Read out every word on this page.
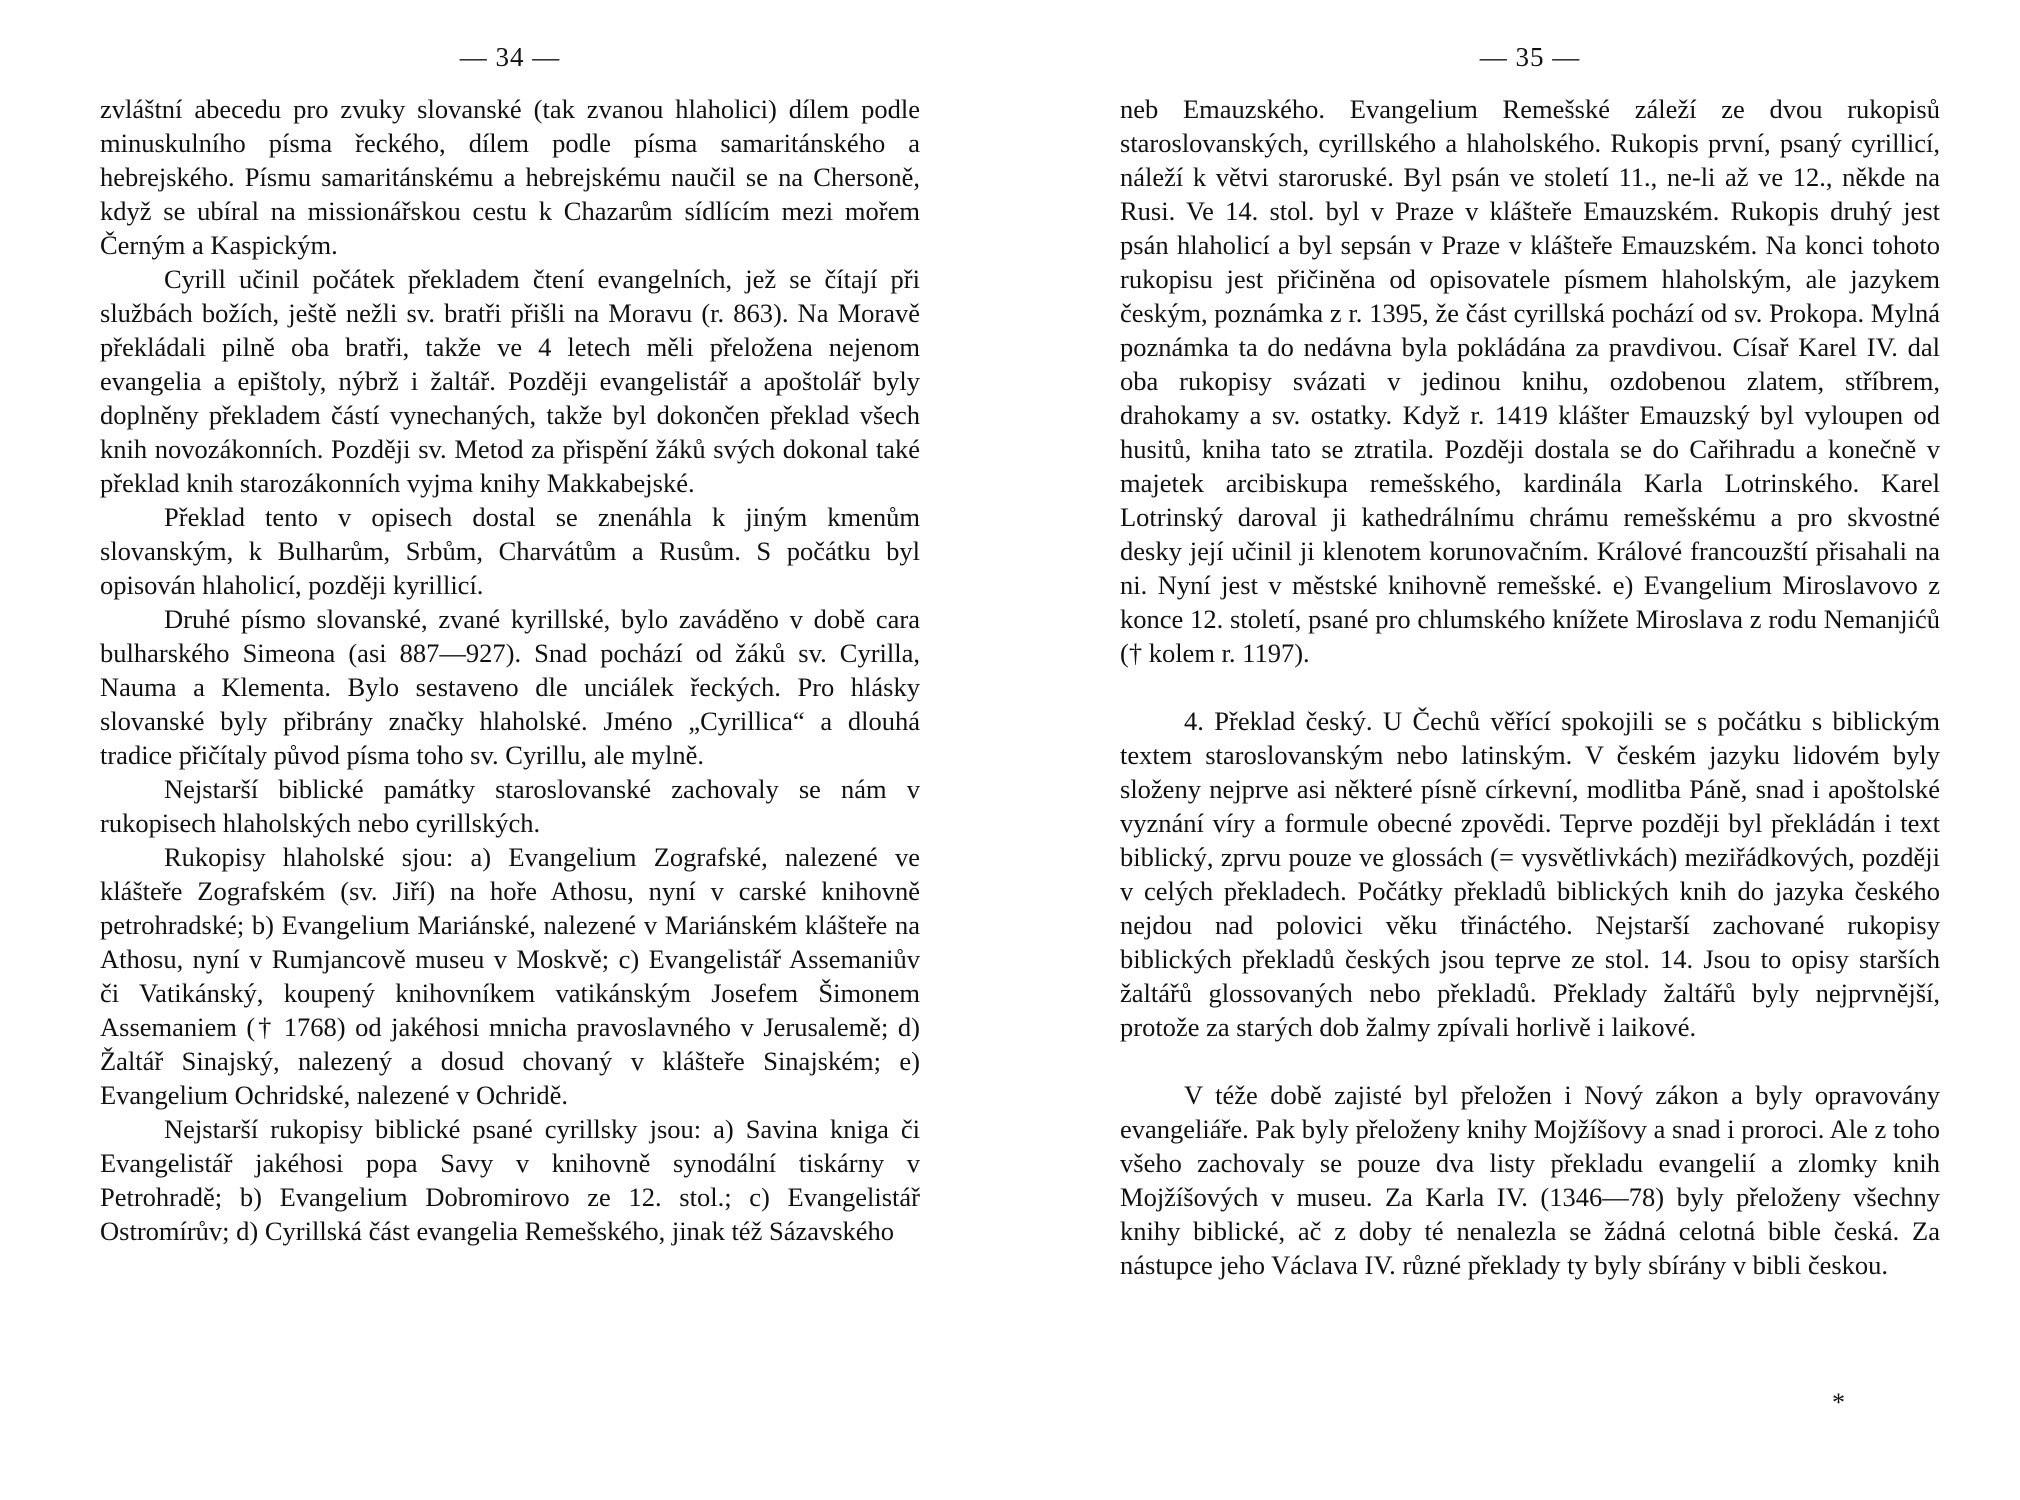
— 34 —

zvláštní abecedu pro zvuky slovanské (tak zvanou hlaholici) dílem podle minuskulního písma řeckého, dílem podle písma samaritánského a hebrejského. Písmu samaritánskému a hebrejskému naučil se na Chersoně, když se ubíral na missionářskou cestu k Chazarům sídlícím mezi mořem Černým a Kaspickým.

Cyrill učinil počátek překladem čtení evangelních, jež se čítají při službách božích, ještě nežli sv. bratři přišli na Moravu (r. 863). Na Moravě překládali pilně oba bratři, takže ve 4 letech měli přeložena nejenom evangelia a epištoly, nýbrž i žaltář. Později evangelistář a apoštolář byly doplněny překladem částí vynechaných, takže byl dokončen překlad všech knih novozákonních. Později sv. Metod za přispění žáků svých dokonal také překlad knih starozákonních vyjma knihy Makkabejské.

Překlad tento v opisech dostal se znenáhla k jiným kmenům slovanským, k Bulharům, Srbům, Charvátům a Rusům. S počátku byl opisován hlaholicí, později kyrillicí.

Druhé písmo slovanské, zvané kyrillské, bylo zaváděno v době cara bulharského Simeona (asi 887—927). Snad pochází od žáků sv. Cyrilla, Nauma a Klementa. Bylo sestaveno dle unciálek řeckých. Pro hlásky slovanské byly přibrány značky hlaholské. Jméno „Cyrillica“ a dlouhá tradice přičítaly původ písma toho sv. Cyrillu, ale mylně.

Nejstarší biblické památky staroslovanské zachovaly se nám v rukopisech hlaholských nebo cyrillských.

Rukopisy hlaholské sjou: a) Evangelium Zografské, nalezené ve klášteře Zografském (sv. Jiří) na hoře Athosu, nyní v carské knihovně petrohradské; b) Evangelium Mariánské, nalezené v Mariánském klášteře na Athosu, nyní v Rumjancově museu v Moskvě; c) Evangelistář Assemaniův či Vatikánský, koupený knihovníkem vatikánským Josefem Šimonem Assemaniem († 1768) od jakéhosi mnicha pravoslavného v Jerusalemě; d) Žaltář Sinajský, nalezený a dosud chovaný v klášteře Sinajském; e) Evangelium Ochridské, nalezené v Ochridě.

Nejstarší rukopisy biblické psané cyrillsky jsou: a) Savina kniga či Evangelistář jakéhosi popa Savy v knihovně synodální tiskárny v Petrohradě; b) Evangelium Dobromirovo ze 12. stol.; c) Evangelistář Ostromírův; d) Cyrillská část evangelia Remešského, jinak též Sázavského

— 35 —

neb Emauzského. Evangelium Remešské záleží ze dvou rukopisů staroslovanských, cyrillského a hlaholského. Rukopis první, psaný cyrillicí, náleží k větvi staroruské. Byl psán ve století 11., ne-li až ve 12., někde na Rusi. Ve 14. stol. byl v Praze v klášteře Emauzském. Rukopis druhý jest psán hlaholicí a byl sepsán v Praze v klášteře Emauzském. Na konci tohoto rukopisu jest přičiněna od opisovatele písmem hlaholským, ale jazykem českým, poznámka z r. 1395, že část cyrillská pochází od sv. Prokopa. Mylná poznámka ta do nedávna byla pokládána za pravdivou. Císař Karel IV. dal oba rukopisy svázati v jedinou knihu, ozdobenou zlatem, stříbrem, drahokamy a sv. ostatky. Když r. 1419 klášter Emauzský byl vyloupen od husitů, kniha tato se ztratila. Později dostala se do Cařihradu a konečně v majetek arcibiskupa remešského, kardinála Karla Lotrinského. Karel Lotrinský daroval ji kathedrálnímu chrámu remešskému a pro skvostné desky její učinil ji klenotem korunovačním. Králové francouzští přisahali na ni. Nyní jest v městské knihovně remešské. e) Evangelium Miroslavovo z konce 12. století, psané pro chlumského knížete Miroslava z rodu Nemanjićů († kolem r. 1197).

4. Překlad český. U Čechů věřící spokojili se s počátku s biblickým textem staroslovanským nebo latinským. V českém jazyku lidovém byly složeny nejprve asi některé písně církevní, modlitba Páně, snad i apoštolské vyznání víry a formule obecné zpovědi. Teprve později byl překládán i text biblický, zprvu pouze ve glossách (= vysvětlivkách) meziřádkových, později v celých překladech. Počátky překladů biblických knih do jazyka českého nejdou nad polovici věku třináctého. Nejstarší zachované rukopisy biblických překladů českých jsou teprve ze stol. 14. Jsou to opisy starších žaltářů glossovaných nebo překladů. Překlady žaltářů byly nejprvnější, protože za starých dob žalmy zpívali horlivě i laikové.

V téže době zajisté byl přeložen i Nový zákon a byly opravovány evangeliáře. Pak byly přeloženy knihy Mojžíšovy a snad i proroci. Ale z toho všeho zachovaly se pouze dva listy překladu evangelií a zlomky knih Mojžíšových v museu. Za Karla IV. (1346—78) byly přeloženy všechny knihy biblické, ač z doby té nenalezla se žádná celotná bible česká. Za nástupce jeho Václava IV. různé překlady ty byly sbírány v bibli českou.

*
